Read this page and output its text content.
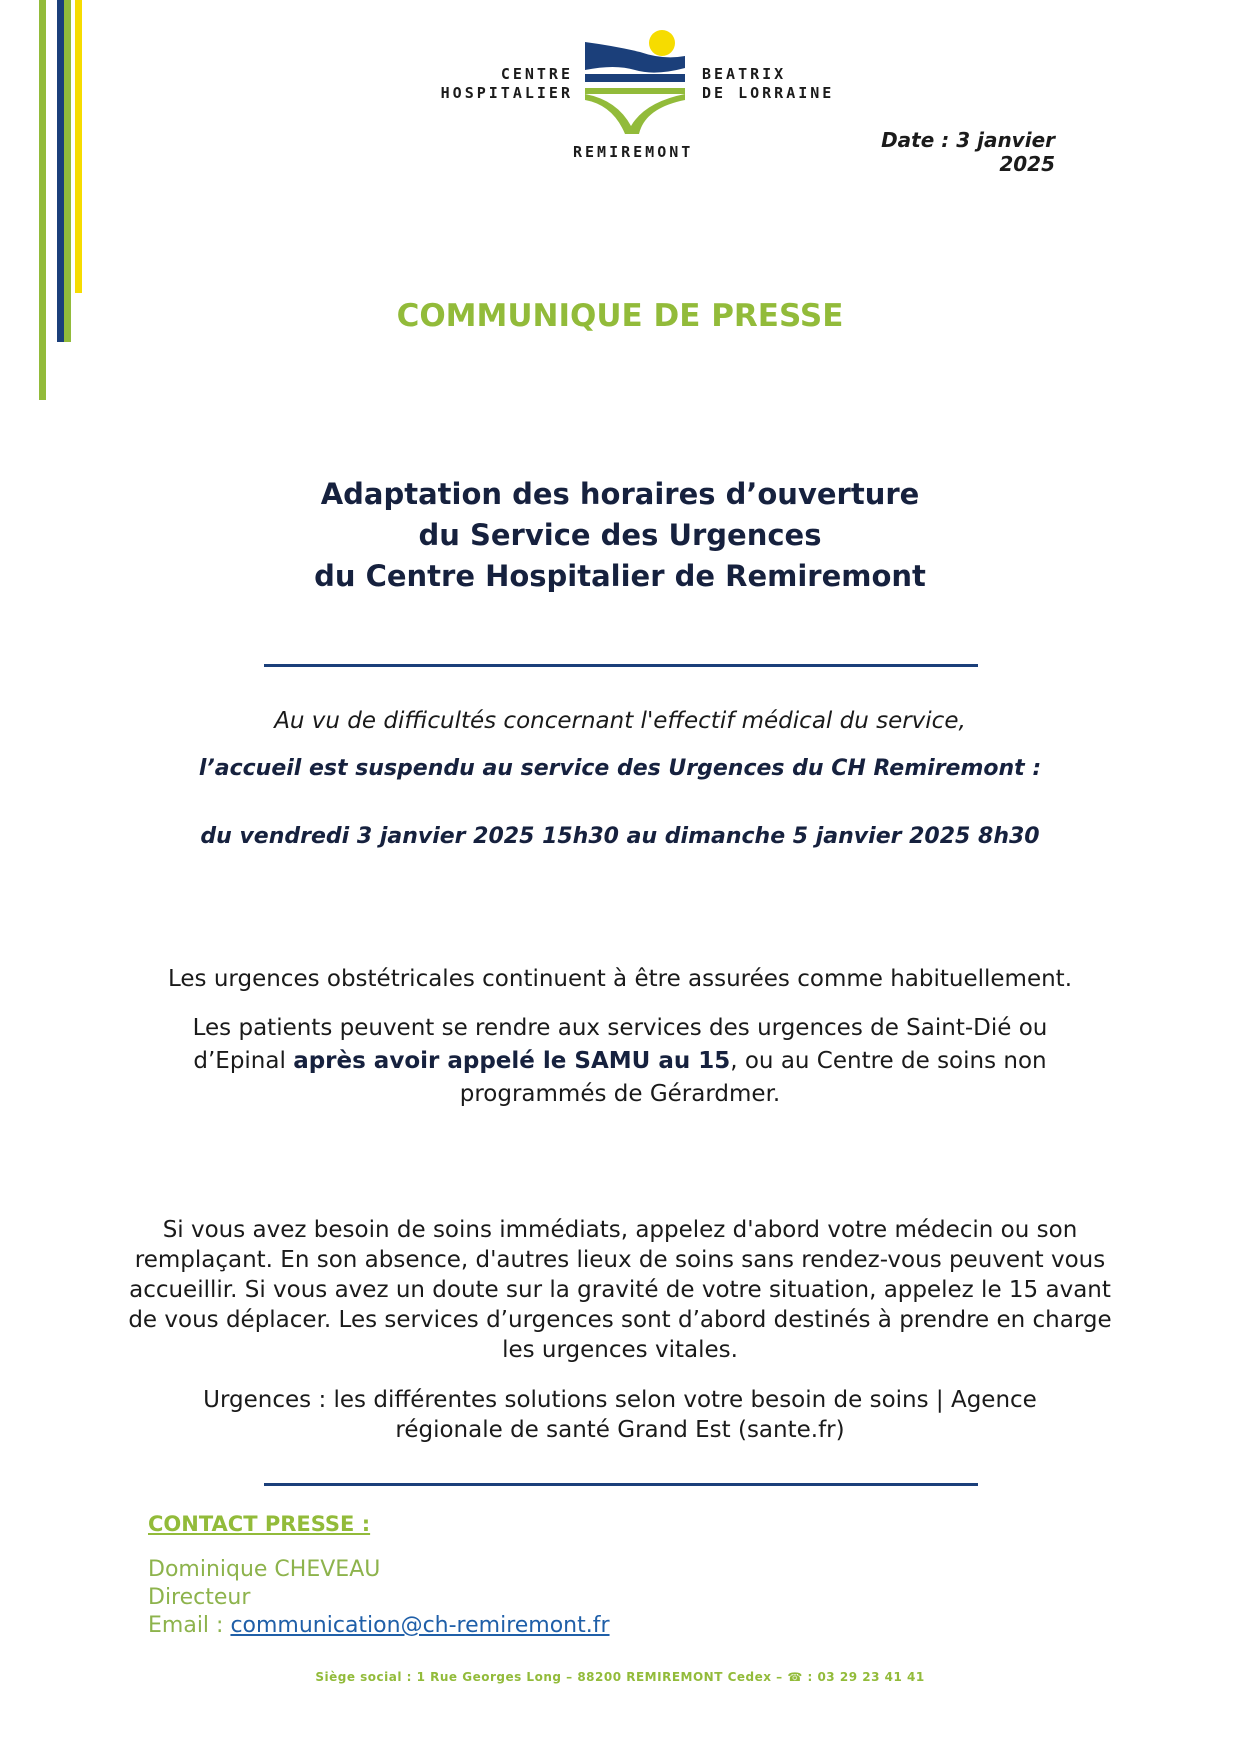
CENTRE
HOSPITALIER
BEATRIX
DE LORRAINE
REMIREMONT	Date : 3 janvier 2025
COMMUNIQUE DE PRESSE
Adaptation des horaires d’ouverture
du Service des Urgences
du Centre Hospitalier de Remiremont
Au vu de difficultés concernant l'effectif médical du service,
l’accueil est suspendu au service des Urgences du CH Remiremont :
du vendredi 3 janvier 2025 15h30 au dimanche 5 janvier 2025 8h30
Les urgences obstétricales continuent à être assurées comme habituellement.
Les patients peuvent se rendre aux services des urgences de Saint-Dié ou d’Epinal après avoir appelé le SAMU au 15, ou au Centre de soins non programmés de Gérardmer.
Si vous avez besoin de soins immédiats, appelez d'abord votre médecin ou son remplaçant. En son absence, d'autres lieux de soins sans rendez-vous peuvent vous accueillir. Si vous avez un doute sur la gravité de votre situation, appelez le 15 avant de vous déplacer. Les services d’urgences sont d’abord destinés à prendre en charge les urgences vitales.
Urgences : les différentes solutions selon votre besoin de soins | Agence régionale de santé Grand Est (sante.fr)
CONTACT PRESSE :
Dominique CHEVEAU
Directeur
Email : communication@ch-remiremont.fr
Siège social : 1 Rue Georges Long – 88200 REMIREMONT Cedex – ☎ : 03 29 23 41 41
